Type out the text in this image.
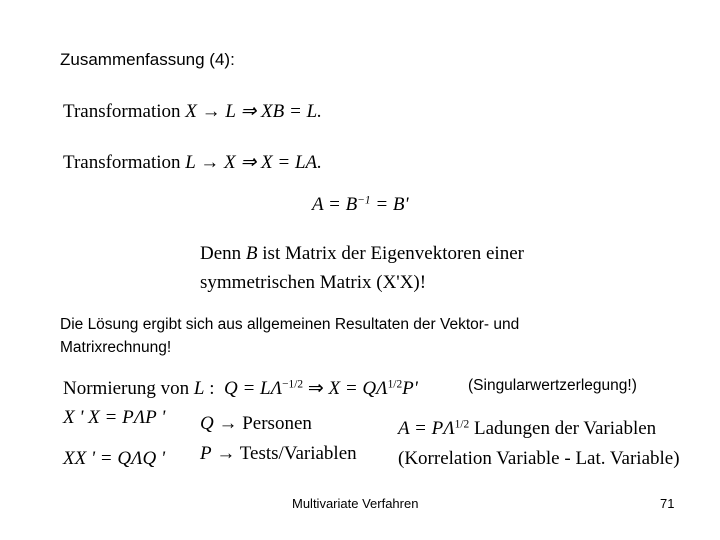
Zusammenfassung (4):
Transformation X → L ⇒ XB = L.
Transformation L → X ⇒ X = LA.
$A = B^{-1} = B'$
Denn B ist Matrix der Eigenvektoren einer
symmetrischen Matrix (X'X)!
Die Lösung ergibt sich aus allgemeinen Resultaten der Vektor- und
Matrixrechnung!
Normierung von L : $Q = L\Lambda^{-1/2}$ ⇒ $X = Q\Lambda^{1/2}P'$	(Singularwertzerlegung!)
X ' X = PΛP '
XX ' = QΛQ '
Q → Personen
P → Tests/Variablen
$A = P\Lambda^{1/2}$ Ladungen der Variablen
(Korrelation Variable - Lat. Variable)
Multivariate Verfahren	71
